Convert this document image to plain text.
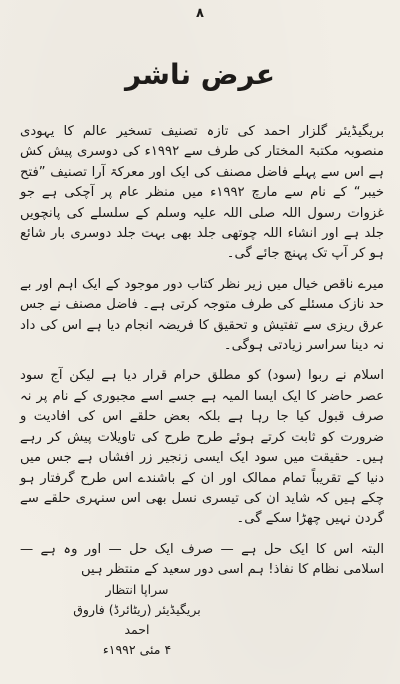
۸
عرض ناشر

بریگیڈیئر گلزار احمد کی تازہ تصنیف تسخیر عالم کا یہودی منصوبہ مکتبۃ المختار کی طرف سے ۱۹۹۲ء کی دوسری پیش کش ہے اس سے پہلے فاضل مصنف کی ایک اور معرکۃ آرا تصنیف ”فتح خیبر“ کے نام سے مارچ ۱۹۹۲ء میں منظر عام پر آچکی ہے جو غزوات رسول اللہ صلی اللہ علیہ وسلم کے سلسلے کی پانچویں جلد ہے اور انشاء اللہ چوتھی جلد بھی بہت جلد دوسری بار شائع ہو کر آپ تک پہنچ جائے گی۔

میرے ناقص خیال میں زیر نظر کتاب دور موجود کے ایک اہم اور بے حد نازک مسئلے کی طرف متوجہ کرتی ہے۔ فاضل مصنف نے جس عرق ریزی سے تفتیش و تحقیق کا فریضہ انجام دیا ہے اس کی داد نہ دینا سراسر زیادتی ہوگی۔

اسلام نے ربوا (سود) کو مطلق حرام قرار دیا ہے لیکن آج سود عصر حاضر کا ایک ایسا المیہ ہے جسے اسے مجبوری کے نام پر نہ صرف قبول کیا جا رہا ہے بلکہ بعض حلقے اس کی افادیت و ضرورت کو ثابت کرتے ہوئے طرح طرح کی تاویلات پیش کر رہے ہیں۔ حقیقت میں سود ایک ایسی زنجیر زر افشاں ہے جس میں دنیا کے تقریباً تمام ممالک اور ان کے باشندے اس طرح گرفتار ہو چکے ہیں کہ شاید ان کی تیسری نسل بھی اس سنہری حلقے سے گردن نہیں چھڑا سکے گی۔

البتہ اس کا ایک حل ہے — صرف ایک حل — اور وہ ہے — اسلامی نظام کا نفاذ! ہم اسی دور سعید کے منتظر ہیں

سراپا انتظار
بریگیڈیئر (ریٹائرڈ) فاروق احمد
۴ مئی ۱۹۹۲ء
